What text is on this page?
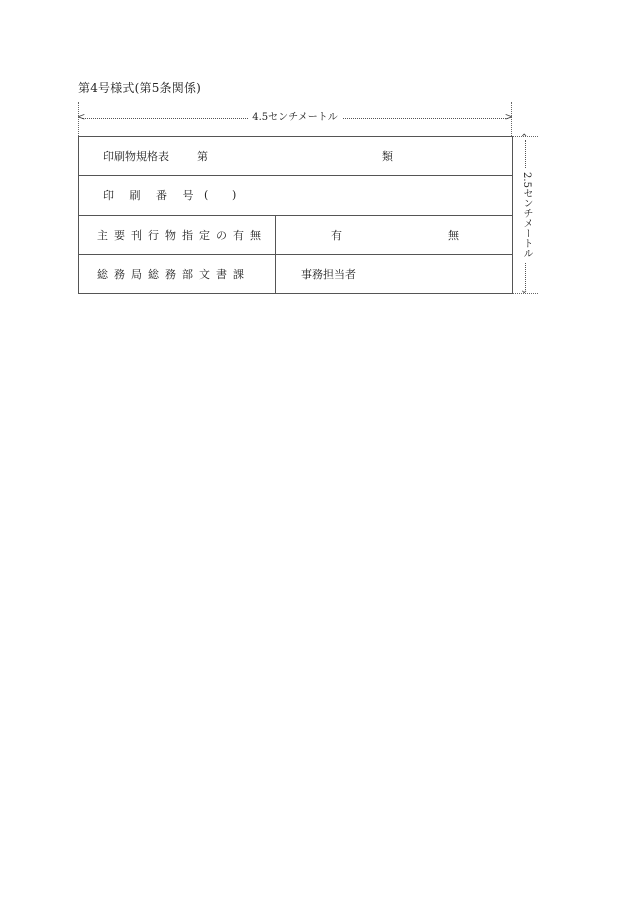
第4号様式(第5条関係)
<	>
4.5センチメートル
⌃
⌄
2.5センチメートル
印刷物規格表 第 類	

印 刷 番 号 ( )	

主要刊行物指定の有無	有 無

総務局総務部文書課	事務担当者
